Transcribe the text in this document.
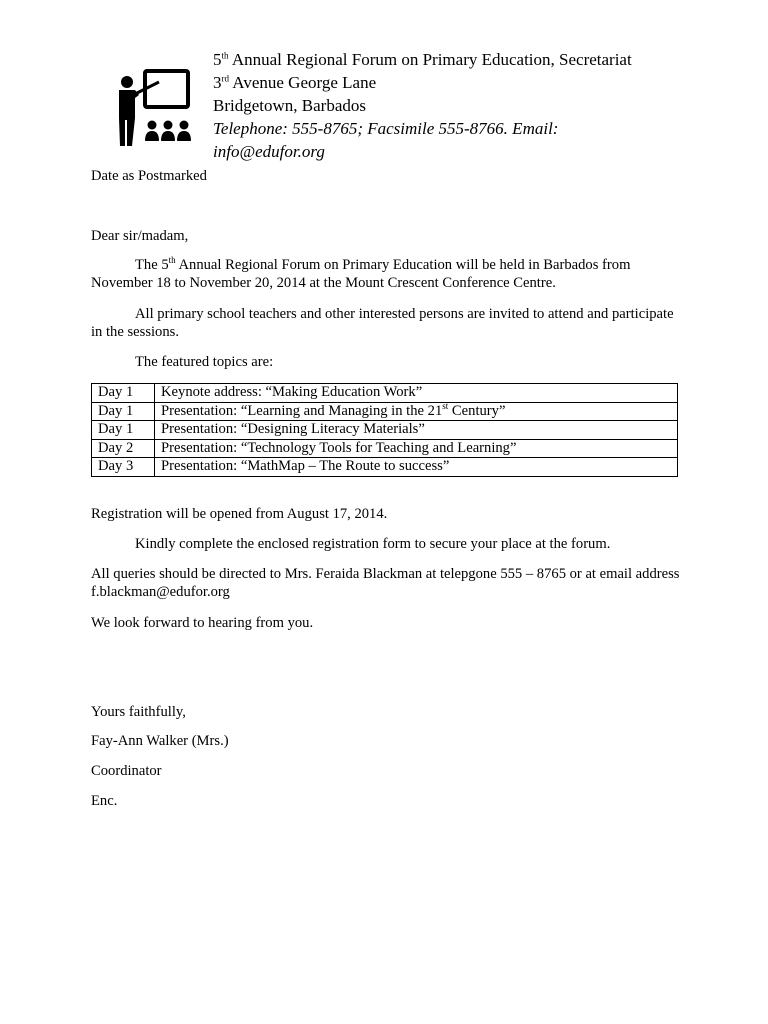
5th Annual Regional Forum on Primary Education, Secretariat
3rd Avenue George Lane
Bridgetown, Barbados
Telephone: 555-8765; Facsimile 555-8766. Email:
info@edufor.org
Date as Postmarked
Dear sir/madam,
The 5th Annual Regional Forum on Primary Education will be held in Barbados from November 18 to November 20, 2014 at the Mount Crescent Conference Centre.
All primary school teachers and other interested persons are invited to attend and participate in the sessions.
The featured topics are:
Day 1	Keynote address: “Making Education Work”
Day 1	Presentation: “Learning and Managing in the 21st Century”
Day 1	Presentation: “Designing Literacy Materials”
Day 2	Presentation: “Technology Tools for Teaching and Learning”
Day 3	Presentation: “MathMap – The Route to success”
Registration will be opened from August 17, 2014.
Kindly complete the enclosed registration form to secure your place at the forum.
All queries should be directed to Mrs. Feraida Blackman at telepgone 555 – 8765 or at email address f.blackman@edufor.org
We look forward to hearing from you.
Yours faithfully,
Fay-Ann Walker (Mrs.)
Coordinator
Enc.
